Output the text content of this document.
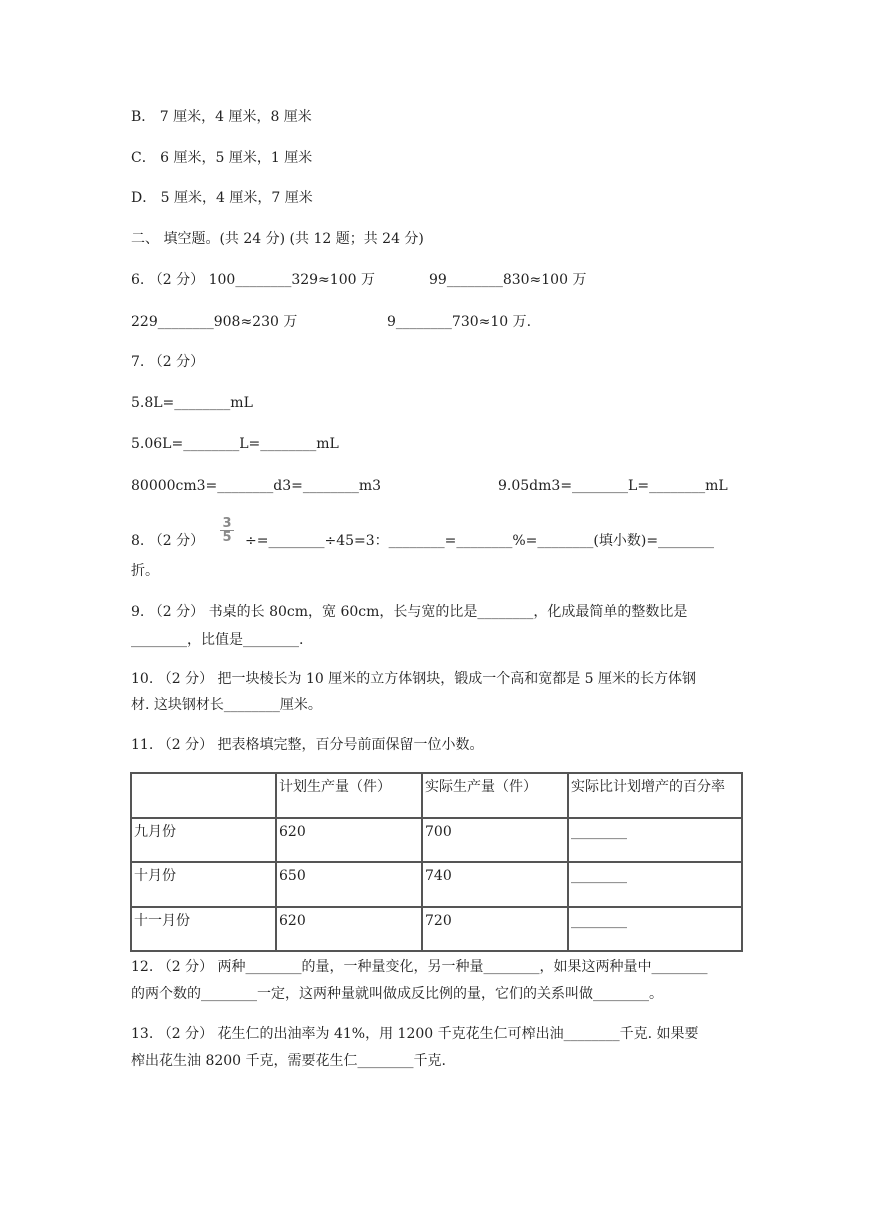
B． 7 厘米，4 厘米，8 厘米
C． 6 厘米，5 厘米，1 厘米
D． 5 厘米，4 厘米，7 厘米
二、 填空题。(共 24 分) (共 12 题；共 24 分)
6. （2 分） 100________329≈100 万	99________830≈100 万
229________908≈230 万	9________730≈10 万.
7. （2 分）
5.8L=________mL
5.06L=________L=________mL
80000cm3=________d3=________m3	9.05dm3=________L=________mL
8. （2 分）
3
5 ÷=________÷45=3：________=________%=________(填小数)=________
折。
9. （2 分） 书桌的长 80cm，宽 60cm，长与宽的比是________，化成最简单的整数比是
________，比值是________.
10. （2 分） 把一块棱长为 10 厘米的立方体钢块，锻成一个高和宽都是 5 厘米的长方体钢
材. 这块钢材长________厘米。
11. （2 分） 把表格填完整，百分号前面保留一位小数。
	计划生产量（件）	实际生产量（件）	实际比计划增产的百分率
九月份	620	700	________
十月份	650	740	________
十一月份	620	720	________
12. （2 分） 两种________的量，一种量变化，另一种量________，如果这两种量中________
的两个数的________一定，这两种量就叫做成反比例的量，它们的关系叫做________。
13. （2 分） 花生仁的出油率为 41%，用 1200 千克花生仁可榨出油________千克. 如果要
榨出花生油 8200 千克，需要花生仁________千克.
